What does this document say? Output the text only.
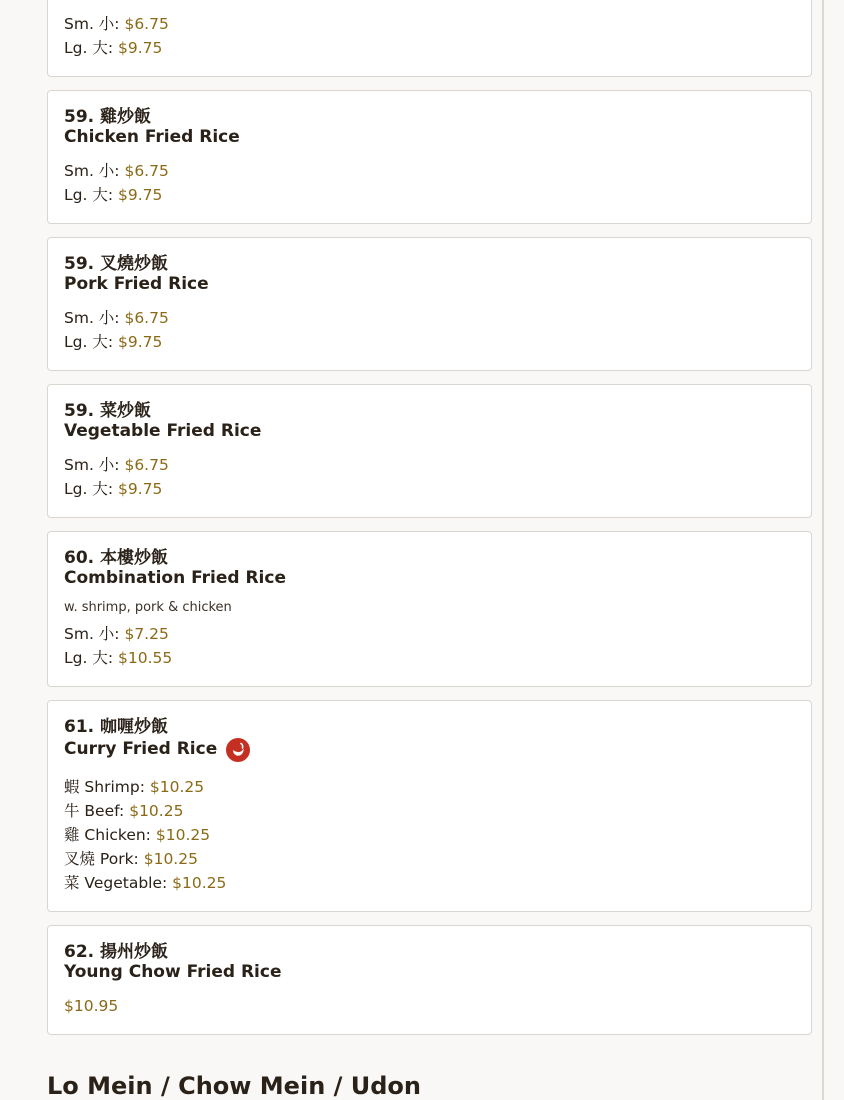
Sm. 小: $6.75
Lg. 大: $9.75
59. 雞炒飯
Chicken Fried Rice
Sm. 小: $6.75
Lg. 大: $9.75
59. 叉燒炒飯
Pork Fried Rice
Sm. 小: $6.75
Lg. 大: $9.75
59. 菜炒飯
Vegetable Fried Rice
Sm. 小: $6.75
Lg. 大: $9.75
60. 本樓炒飯
Combination Fried Rice
w. shrimp, pork & chicken
Sm. 小: $7.25
Lg. 大: $10.55
61. 咖喱炒飯
Curry Fried Rice
蝦 Shrimp: $10.25
牛 Beef: $10.25
雞 Chicken: $10.25
叉燒 Pork: $10.25
菜 Vegetable: $10.25
62. 揚州炒飯
Young Chow Fried Rice
$10.95
Lo Mein / Chow Mein / Udon
